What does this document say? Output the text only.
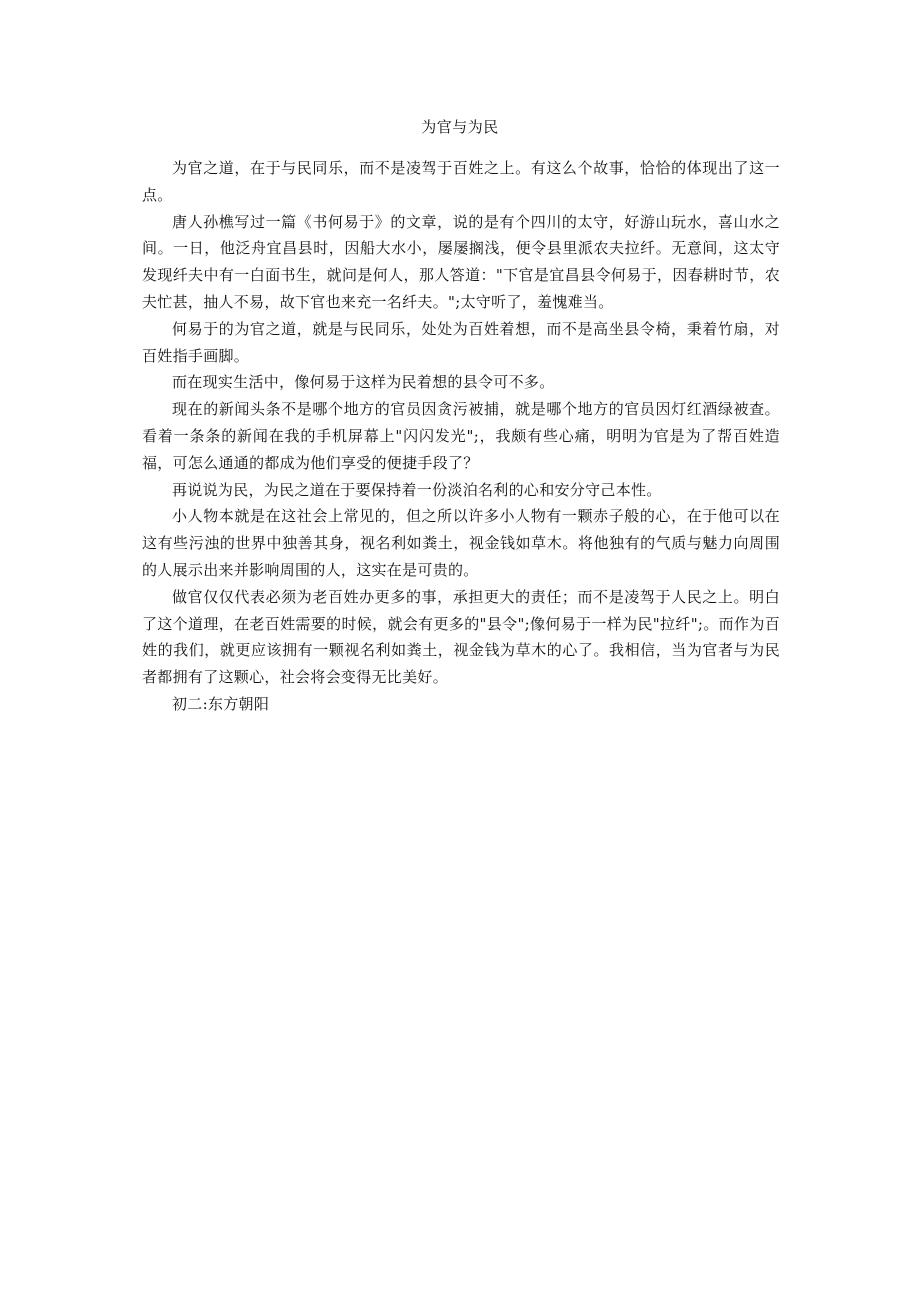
为官与为民

为官之道，在于与民同乐，而不是凌驾于百姓之上。有这么个故事，恰恰的体现出了这一点。

唐人孙樵写过一篇《书何易于》的文章，说的是有个四川的太守，好游山玩水，喜山水之间。一日，他泛舟宜昌县时，因船大水小，屡屡搁浅，便令县里派农夫拉纤。无意间，这太守发现纤夫中有一白面书生，就问是何人，那人答道："下官是宜昌县令何易于，因春耕时节，农夫忙甚，抽人不易，故下官也来充一名纤夫。";太守听了，羞愧难当。

何易于的为官之道，就是与民同乐，处处为百姓着想，而不是高坐县令椅，秉着竹扇，对百姓指手画脚。

而在现实生活中，像何易于这样为民着想的县令可不多。

现在的新闻头条不是哪个地方的官员因贪污被捕，就是哪个地方的官员因灯红酒绿被查。看着一条条的新闻在我的手机屏幕上"闪闪发光";，我颇有些心痛，明明为官是为了帮百姓造福，可怎么通通的都成为他们享受的便捷手段了？

再说说为民，为民之道在于要保持着一份淡泊名利的心和安分守己本性。

小人物本就是在这社会上常见的，但之所以许多小人物有一颗赤子般的心，在于他可以在这有些污浊的世界中独善其身，视名利如粪土，视金钱如草木。将他独有的气质与魅力向周围的人展示出来并影响周围的人，这实在是可贵的。

做官仅仅代表必须为老百姓办更多的事，承担更大的责任；而不是凌驾于人民之上。明白了这个道理，在老百姓需要的时候，就会有更多的"县令";像何易于一样为民"拉纤";。而作为百姓的我们，就更应该拥有一颗视名利如粪土，视金钱为草木的心了。我相信，当为官者与为民者都拥有了这颗心，社会将会变得无比美好。

初二:东方朝阳
